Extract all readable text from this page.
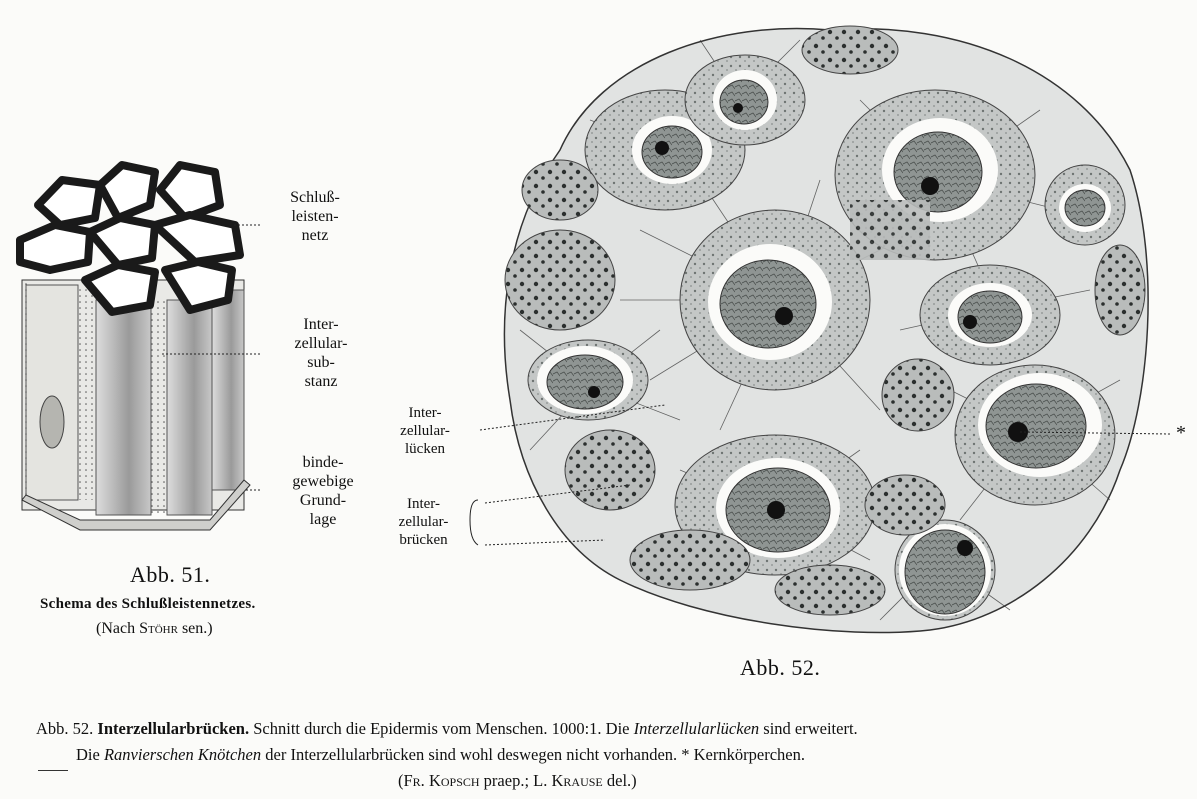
Schluß-
leisten-
netz
Inter-
zellular-
sub-
stanz
binde-
gewebige
Grund-
lage
Abb. 51.
Schema des Schlußleistennetzes.
(Nach Stöhr sen.)
Inter-
zellular-
lücken
Inter-
zellular-
brücken
*
Abb. 52.
Abb. 52. Interzellularbrücken. Schnitt durch die Epidermis vom Menschen. 1000:1. Die Interzellularlücken sind erweitert.
Die Ranvierschen Knötchen der Interzellularbrücken sind wohl deswegen nicht vorhanden. * Kernkörperchen.
(Fr. Kopsch praep.; L. Krause del.)
